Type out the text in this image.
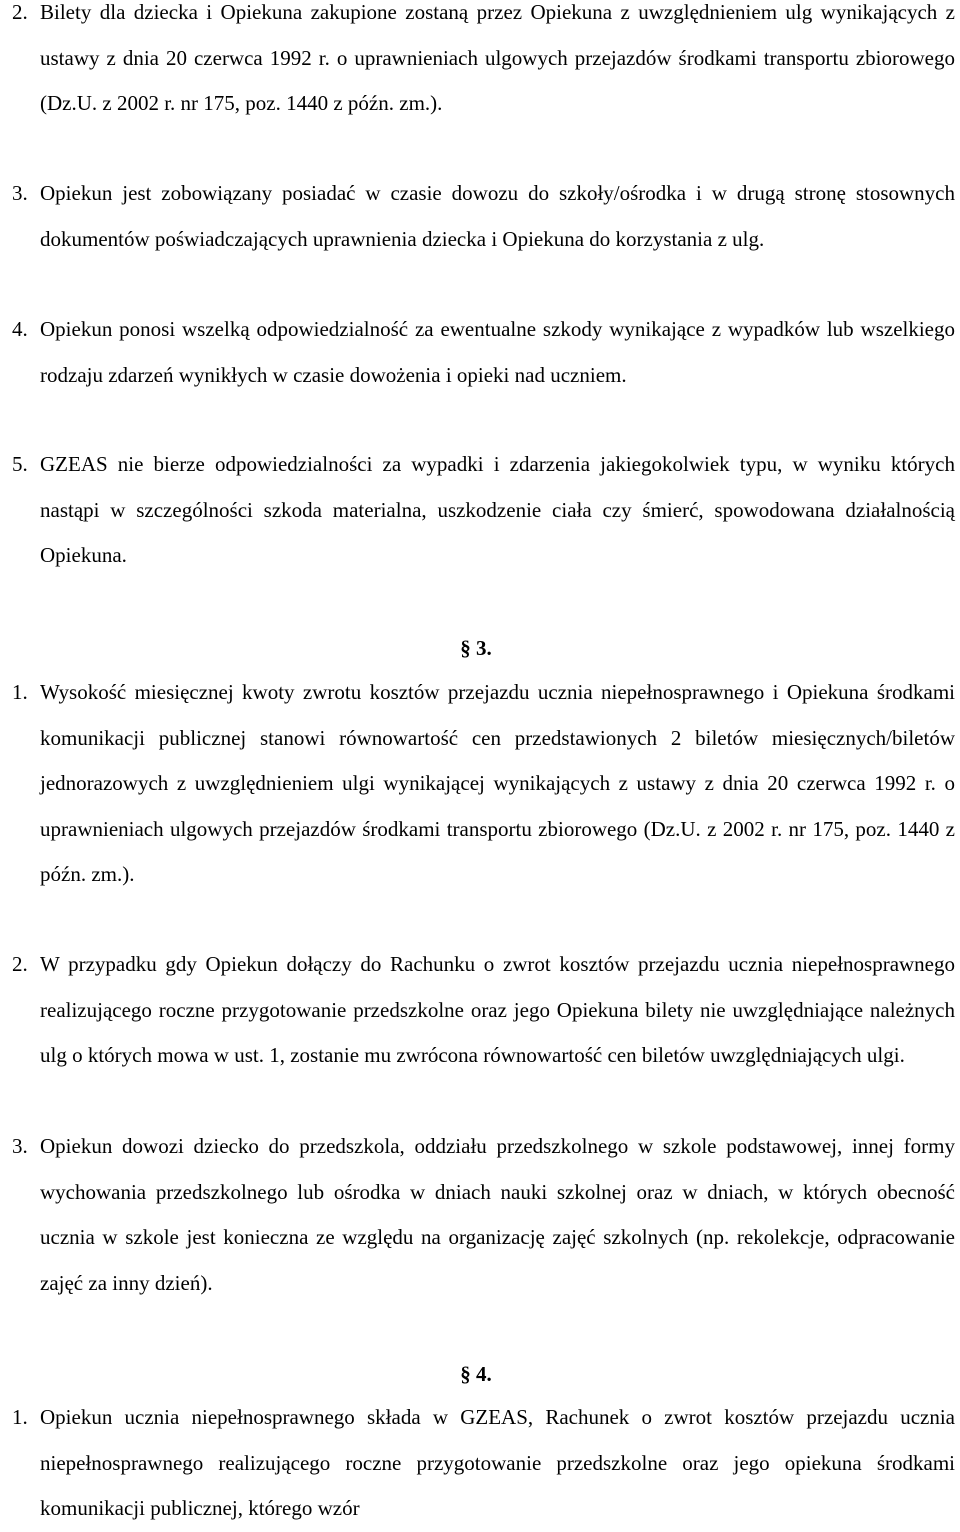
2. Bilety dla dziecka i Opiekuna zakupione zostaną przez Opiekuna z uwzględnieniem ulg wynikających z ustawy z dnia 20 czerwca 1992 r. o uprawnieniach ulgowych przejazdów środkami transportu zbiorowego (Dz.U. z 2002 r. nr 175, poz. 1440 z późn. zm.).
3. Opiekun jest zobowiązany posiadać w czasie dowozu do szkoły/ośrodka i w drugą stronę stosownych dokumentów poświadczających uprawnienia dziecka i Opiekuna do korzystania z ulg.
4. Opiekun ponosi wszelką odpowiedzialność za ewentualne szkody wynikające z wypadków lub wszelkiego rodzaju zdarzeń wynikłych w czasie dowożenia i opieki nad uczniem.
5. GZEAS nie bierze odpowiedzialności za wypadki i zdarzenia jakiegokolwiek typu, w wyniku których nastąpi w szczególności szkoda materialna, uszkodzenie ciała czy śmierć, spowodowana działalnością Opiekuna.
§ 3.
1. Wysokość miesięcznej kwoty zwrotu kosztów przejazdu ucznia niepełnosprawnego i Opiekuna środkami komunikacji publicznej stanowi równowartość cen przedstawionych 2 biletów miesięcznych/biletów jednorazowych z uwzględnieniem ulgi wynikającej wynikających z ustawy z dnia 20 czerwca 1992 r. o uprawnieniach ulgowych przejazdów środkami transportu zbiorowego (Dz.U. z 2002 r. nr 175, poz. 1440 z późn. zm.).
2. W przypadku gdy Opiekun dołączy do Rachunku o zwrot kosztów przejazdu ucznia niepełnosprawnego realizującego roczne przygotowanie przedszkolne oraz jego Opiekuna bilety nie uwzględniające należnych ulg o których mowa w ust. 1, zostanie mu zwrócona równowartość cen biletów uwzględniających ulgi.
3. Opiekun dowozi dziecko do przedszkola, oddziału przedszkolnego w szkole podstawowej, innej formy wychowania przedszkolnego lub ośrodka w dniach nauki szkolnej oraz w dniach, w których obecność ucznia w szkole jest konieczna ze względu na organizację zajęć szkolnych (np. rekolekcje, odpracowanie zajęć za inny dzień).
§ 4.
1. Opiekun ucznia niepełnosprawnego składa w GZEAS, Rachunek o zwrot kosztów przejazdu ucznia niepełnosprawnego realizującego roczne przygotowanie przedszkolne oraz jego opiekuna środkami komunikacji publicznej, którego wzór
